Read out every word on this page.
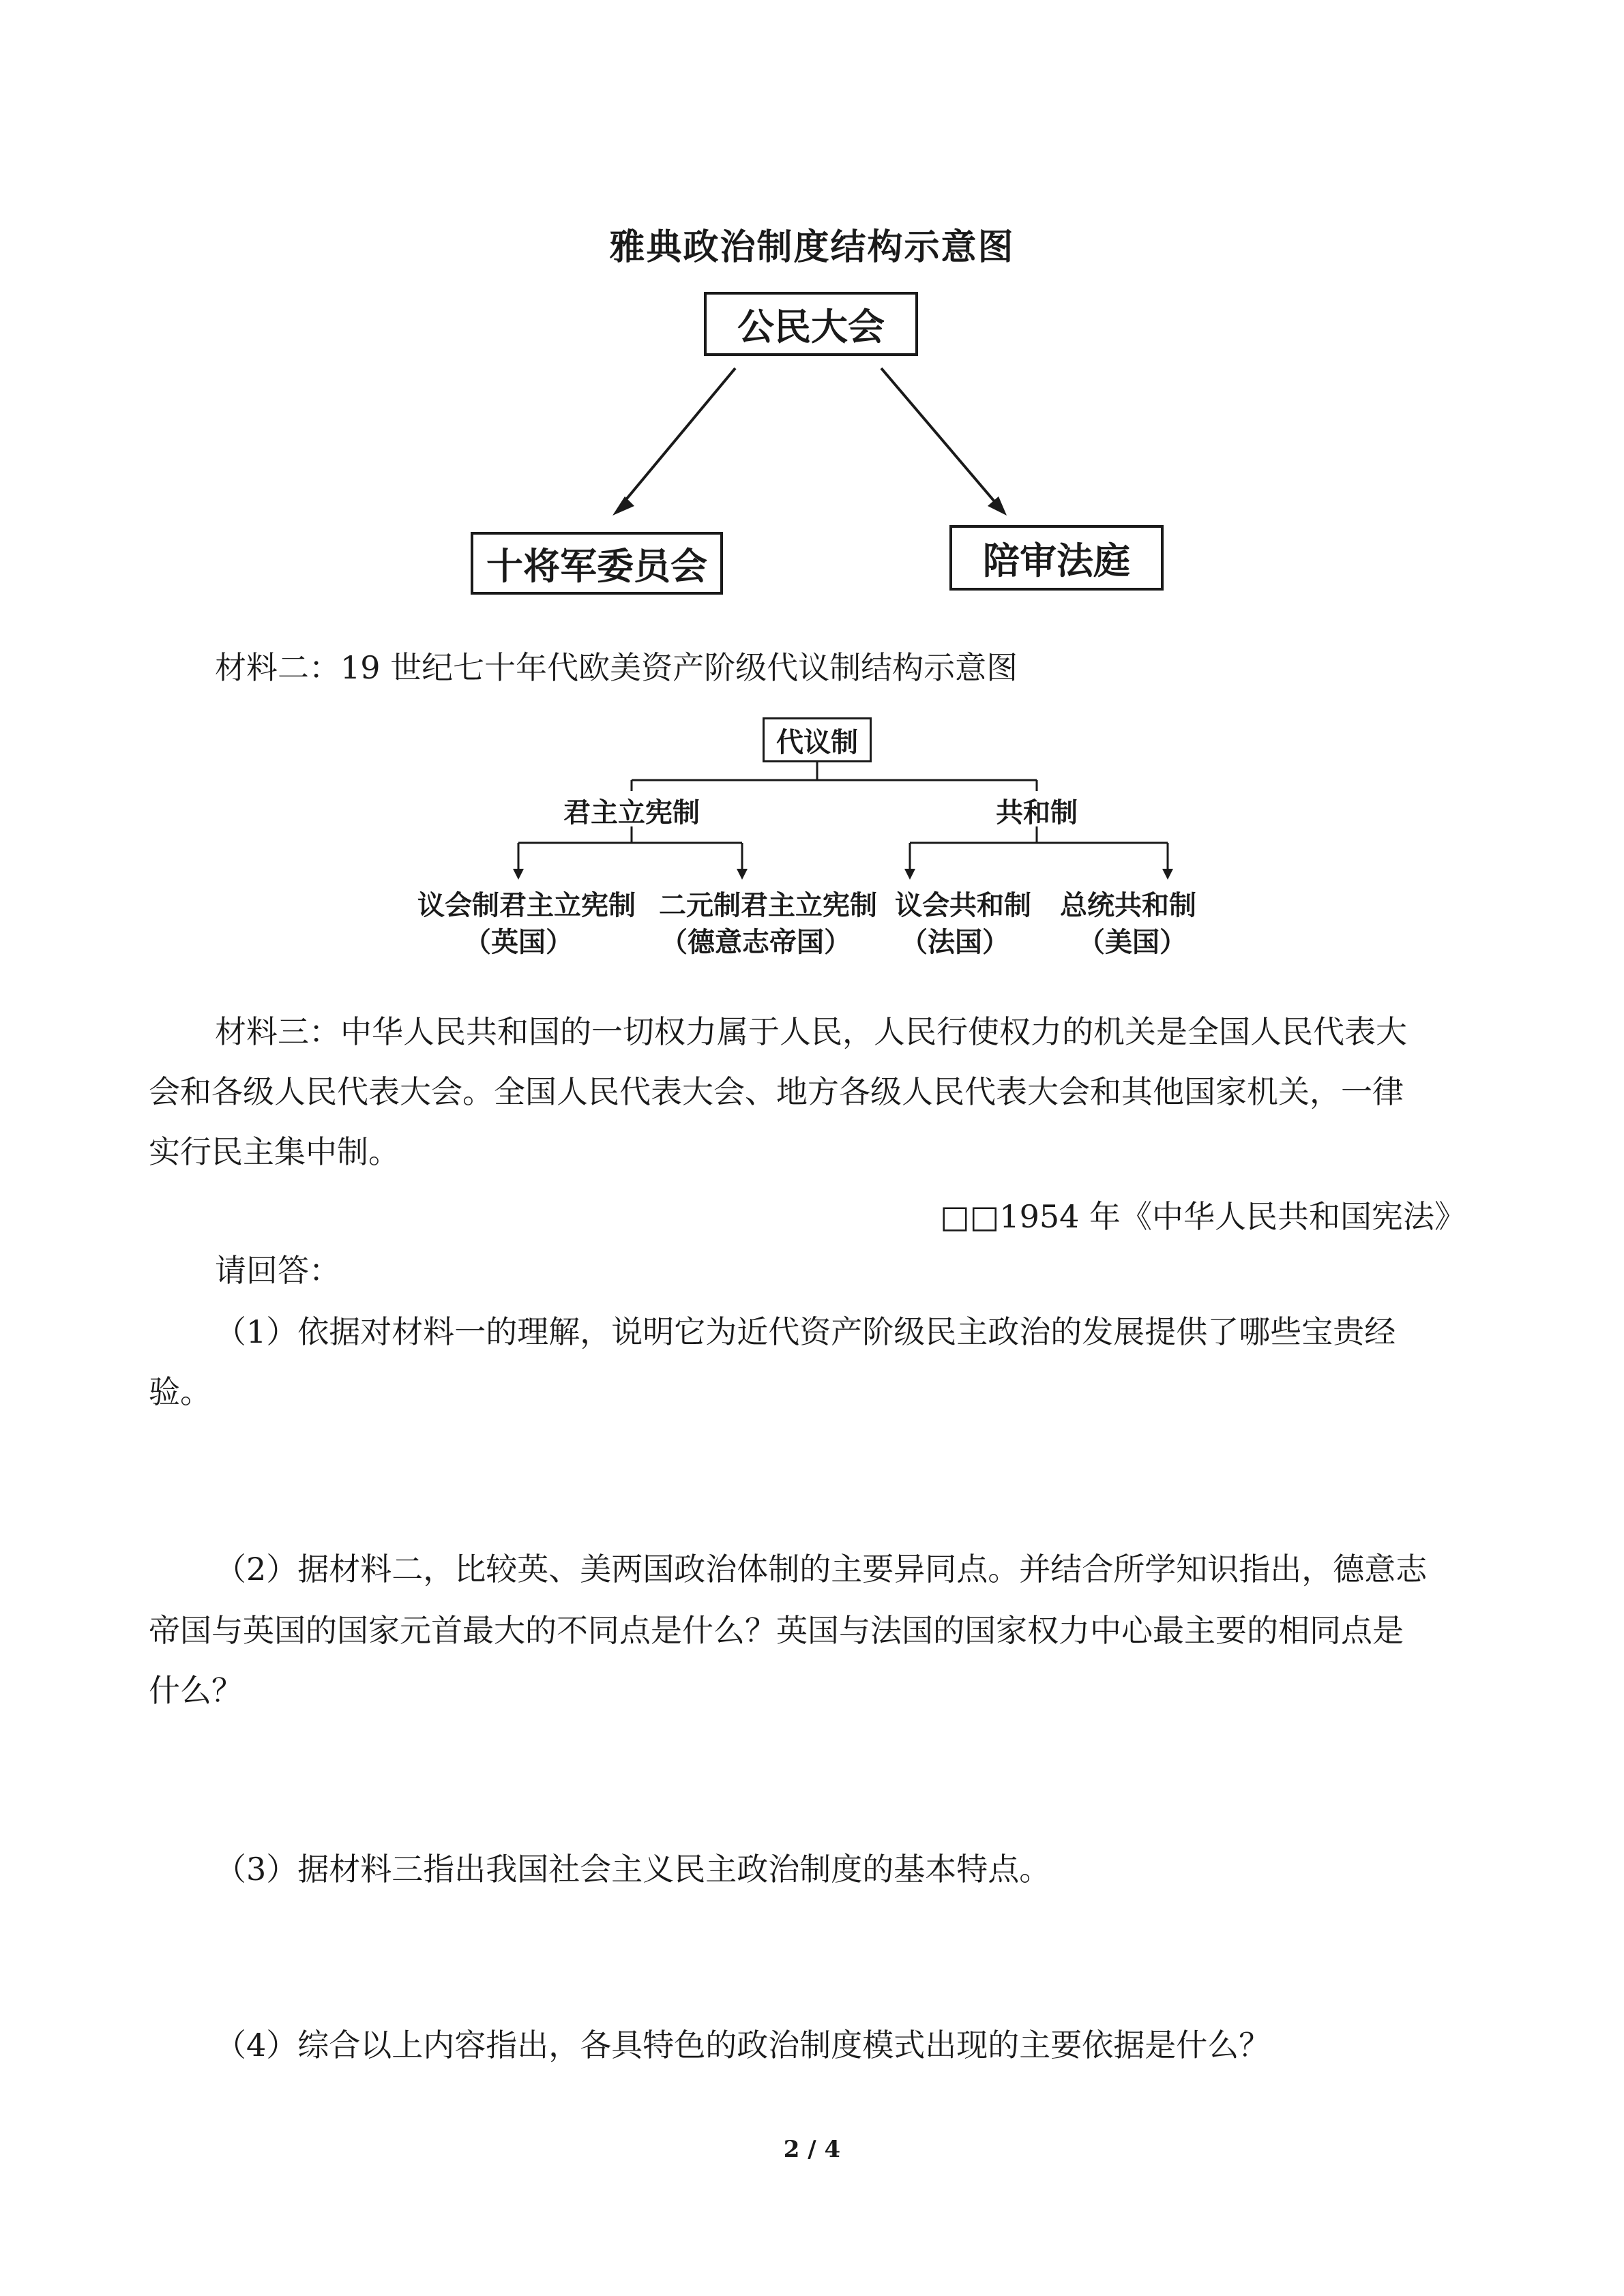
雅典政治制度结构示意图
公民大会
十将军委员会	陪审法庭
材料二：19 世纪七十年代欧美资产阶级代议制结构示意图
代议制
君主立宪制	共和制
议会制君主立宪制
（英国）
二元制君主立宪制
（德意志帝国）
议会共和制
（法国）
总统共和制
（美国）
材料三：中华人民共和国的一切权力属于人民，人民行使权力的机关是全国人民代表大
会和各级人民代表大会。全国人民代表大会、地方各级人民代表大会和其他国家机关，一律
实行民主集中制。
□□1954 年《中华人民共和国宪法》
请回答：
（1）依据对材料一的理解，说明它为近代资产阶级民主政治的发展提供了哪些宝贵经
验。
（2）据材料二，比较英、美两国政治体制的主要异同点。并结合所学知识指出，德意志
帝国与英国的国家元首最大的不同点是什么？英国与法国的国家权力中心最主要的相同点是
什么？
（3）据材料三指出我国社会主义民主政治制度的基本特点。
（4）综合以上内容指出，各具特色的政治制度模式出现的主要依据是什么？
2 / 4
